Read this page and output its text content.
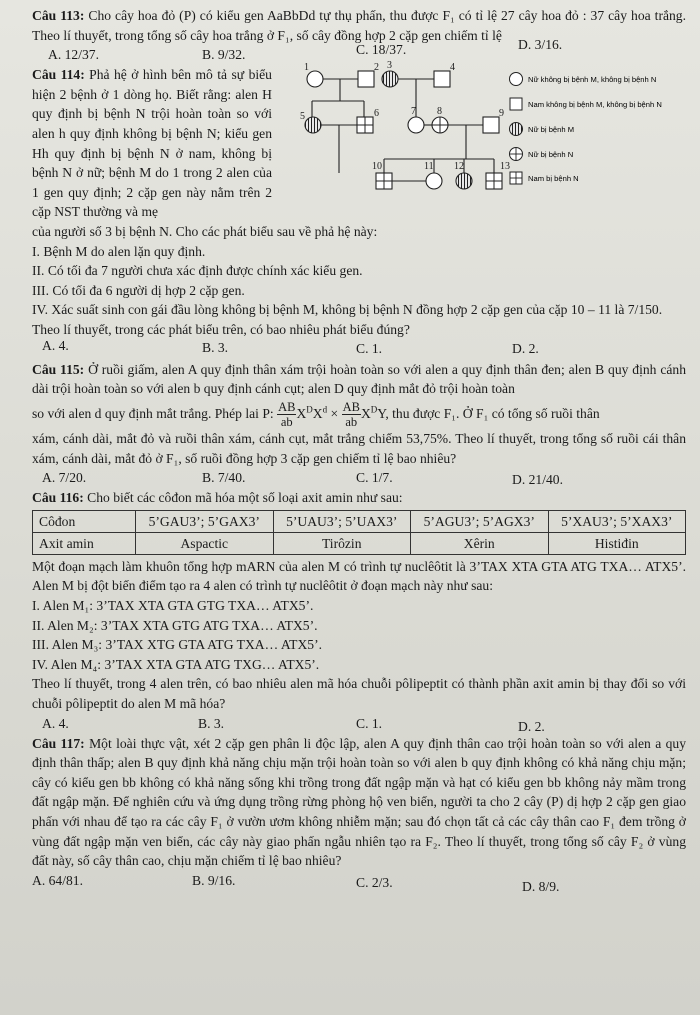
Câu 113: Cho cây hoa đỏ (P) có kiểu gen AaBbDd tự thụ phấn, thu được F₁ có tỉ lệ 27 cây hoa đỏ : 37 cây hoa trắng. Theo lí thuyết, trong tổng số cây hoa trắng ở F₁, số cây đồng hợp 2 cặp gen chiếm tỉ lệ

A. 12/37.	B. 9/32.	C. 18/37.	D. 3/16.

Câu 114: Phả hệ ở hình bên mô tả sự biểu hiện 2 bệnh ở 1 dòng họ. Biết rằng: alen H quy định bị bệnh N trội hoàn toàn so với alen h quy định không bị bệnh N; kiểu gen Hh quy định bị bệnh N ở nam, không bị bệnh N ở nữ; bệnh M do 1 trong 2 alen của 1 gen quy định; 2 cặp gen này nằm trên 2 cặp NST thường và mẹ

1	2 3	4
5	6	7 8	9
10	11 12	13
Nữ không bị bệnh M, không bị bệnh N
Nam không bị bệnh M, không bị bệnh N
Nữ bị bệnh M
Nữ bị bệnh N
Nam bị bệnh N

của người số 3 bị bệnh N. Cho các phát biểu sau về phả hệ này:

I. Bệnh M do alen lặn quy định.

II. Có tối đa 7 người chưa xác định được chính xác kiểu gen.

III. Có tối đa 6 người dị hợp 2 cặp gen.

IV. Xác suất sinh con gái đầu lòng không bị bệnh M, không bị bệnh N đồng hợp 2 cặp gen của cặp 10 – 11 là 7/150.

Theo lí thuyết, trong các phát biểu trên, có bao nhiêu phát biểu đúng?

A. 4.	B. 3.	C. 1.	D. 2.

Câu 115: Ở ruồi giấm, alen A quy định thân xám trội hoàn toàn so với alen a quy định thân đen; alen B quy định cánh dài trội hoàn toàn so với alen b quy định cánh cụt; alen D quy định mắt đỏ trội hoàn toàn

so với alen d quy định mắt trắng. Phép lai P: $\frac{AB}{ab} X^DX^d \times \frac{AB}{ab} X^DY$, thu được F₁. Ở F₁ có tổng số ruồi thân

xám, cánh dài, mắt đỏ và ruồi thân xám, cánh cụt, mắt trắng chiếm 53,75%. Theo lí thuyết, trong tổng số ruồi cái thân xám, cánh dài, mắt đỏ ở F₁, số ruồi đồng hợp 3 cặp gen chiếm tỉ lệ bao nhiêu?

A. 7/20.	B. 7/40.	C. 1/7.	D. 21/40.

Câu 116: Cho biết các côđon mã hóa một số loại axit amin như sau:

Côđon	5’GAU3’; 5’GAX3’	5’UAU3’; 5’UAX3’	5’AGU3’; 5’AGX3’	5’XAU3’; 5’XAX3’
Axit amin	Aspactic	Tirôzin	Xêrin	Histiđin

Một đoạn mạch làm khuôn tổng hợp mARN của alen M có trình tự nuclêôtit là 3’TAX XTA GTA ATG TXA… ATX5’. Alen M bị đột biến điểm tạo ra 4 alen có trình tự nuclêôtit ở đoạn mạch này như sau:

I. Alen M₁: 3’TAX XTA GTA GTG TXA… ATX5’.

II. Alen M₂: 3’TAX XTA GTG ATG TXA… ATX5’.

III. Alen M₃: 3’TAX XTG GTA ATG TXA… ATX5’.

IV. Alen M₄: 3’TAX XTA GTA ATG TXG… ATX5’.

Theo lí thuyết, trong 4 alen trên, có bao nhiêu alen mã hóa chuỗi pôlipeptit có thành phần axit amin bị thay đổi so với chuỗi pôlipeptit do alen M mã hóa?

A. 4.	B. 3.	C. 1.	D. 2.

Câu 117: Một loài thực vật, xét 2 cặp gen phân li độc lập, alen A quy định thân cao trội hoàn toàn so với alen a quy định thân thấp; alen B quy định khả năng chịu mặn trội hoàn toàn so với alen b quy định không có khả năng chịu mặn; cây có kiểu gen bb không có khả năng sống khi trồng trong đất ngập mặn và hạt có kiểu gen bb không nảy mầm trong đất ngập mặn. Để nghiên cứu và ứng dụng trồng rừng phòng hộ ven biển, người ta cho 2 cây (P) dị hợp 2 cặp gen giao phấn với nhau để tạo ra các cây F₁ ở vườn ươm không nhiễm mặn; sau đó chọn tất cả các cây thân cao F₁ đem trồng ở vùng đất ngập mặn ven biển, các cây này giao phấn ngẫu nhiên tạo ra F₂. Theo lí thuyết, trong tổng số cây F₂ ở vùng đất này, số cây thân cao, chịu mặn chiếm tỉ lệ bao nhiêu?

A. 64/81.	B. 9/16.	C. 2/3.	D. 8/9.
